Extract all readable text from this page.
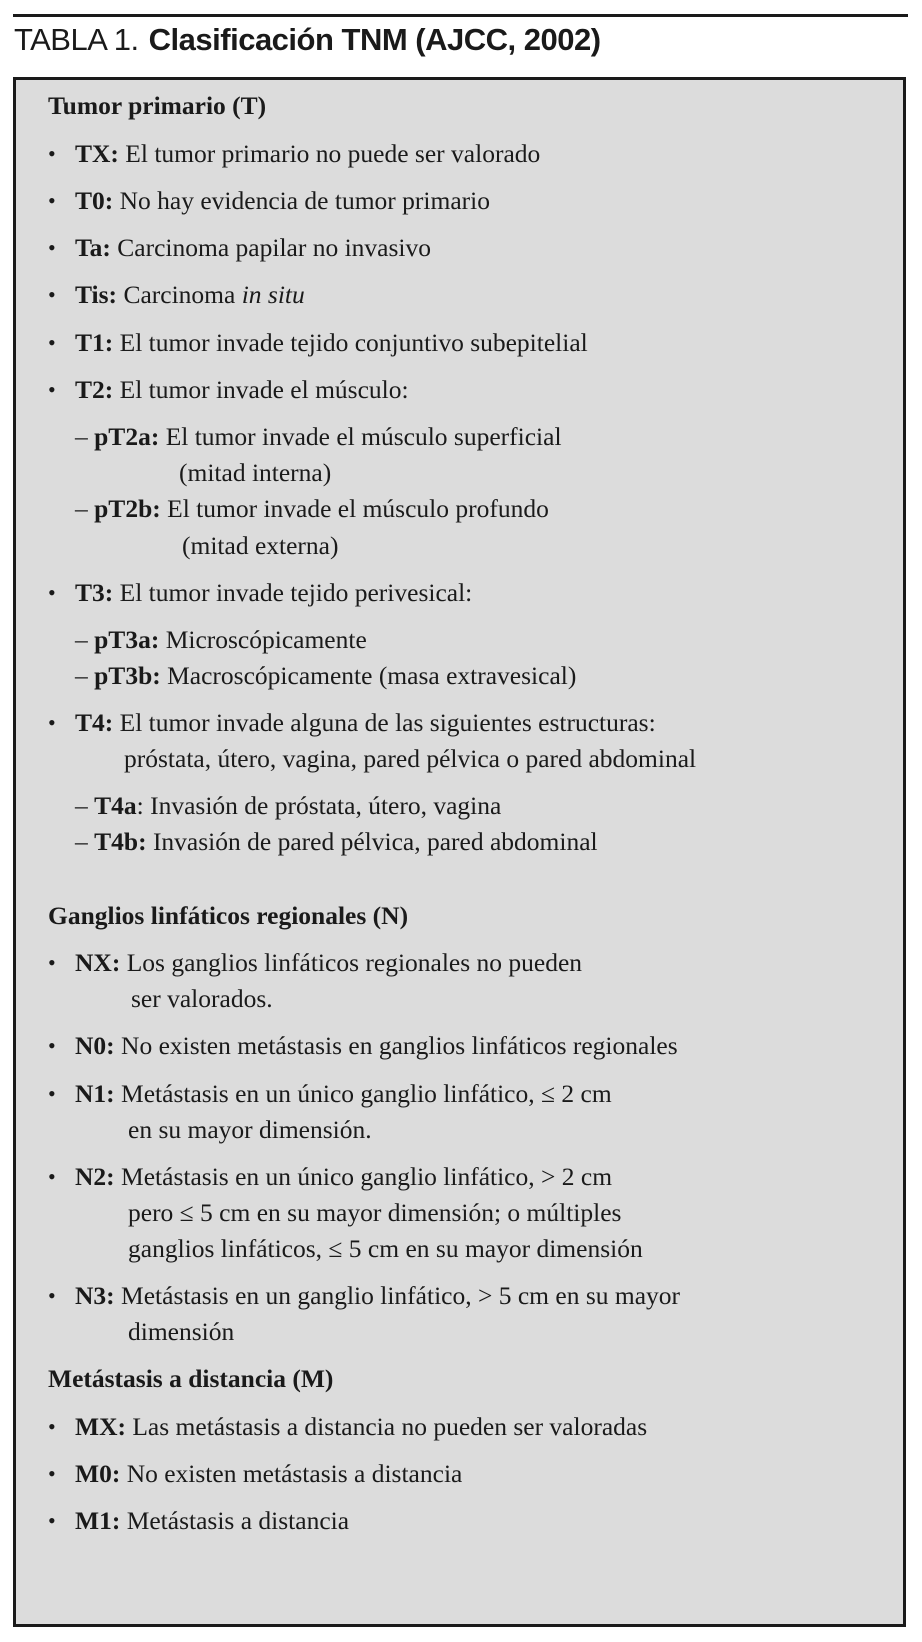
TABLA 1. Clasificación TNM (AJCC, 2002)
Tumor primario (T)
• TX: El tumor primario no puede ser valorado
• T0: No hay evidencia de tumor primario
• Ta: Carcinoma papilar no invasivo
• Tis: Carcinoma in situ
• T1: El tumor invade tejido conjuntivo subepitelial
• T2: El tumor invade el músculo:
– pT2a: El tumor invade el músculo superficial
(mitad interna)
– pT2b: El tumor invade el músculo profundo
(mitad externa)
• T3: El tumor invade tejido perivesical:
– pT3a: Microscópicamente
– pT3b: Macroscópicamente (masa extravesical)
• T4: El tumor invade alguna de las siguientes estructuras:
próstata, útero, vagina, pared pélvica o pared abdominal
– T4a: Invasión de próstata, útero, vagina
– T4b: Invasión de pared pélvica, pared abdominal
Ganglios linfáticos regionales (N)
• NX: Los ganglios linfáticos regionales no pueden
ser valorados.
• N0: No existen metástasis en ganglios linfáticos regionales
• N1: Metástasis en un único ganglio linfático, ≤ 2 cm
en su mayor dimensión.
• N2: Metástasis en un único ganglio linfático, > 2 cm
pero ≤ 5 cm en su mayor dimensión; o múltiples
ganglios linfáticos, ≤ 5 cm en su mayor dimensión
• N3: Metástasis en un ganglio linfático, > 5 cm en su mayor
dimensión
Metástasis a distancia (M)
• MX: Las metástasis a distancia no pueden ser valoradas
• M0: No existen metástasis a distancia
• M1: Metástasis a distancia
